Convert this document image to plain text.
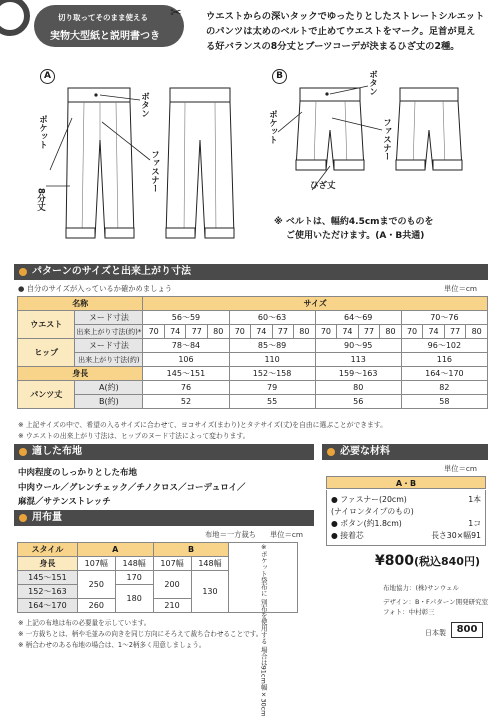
切り取ってそのまま使える
実物大型紙と説明書つき
✂	ウエストからの深いタックでゆったりとしたストレートシルエット
のパンツは太めのベルトで止めてウエストをマーク。足首が見え
る好バランスの8分丈とブーツコーデが決まるひざ丈の2種。
A	B
ボタン
ポケット
ファスナー
8分丈
ボタン
ポケット	ファスナー
ひざ丈
※ ベルトは、幅約4.5cmまでのものを
ご使用いただけます。(A・B共通)
パターンのサイズと出来上がり寸法
● 自分のサイズが入っているか確かめましょう	単位＝cm
名称		サイズ															
ウエスト	ヌード寸法	56〜59				60〜63				64〜69				70〜76			
	出来上がり寸法(約)*	70	74	77	80	70	74	77	80	70	74	77	80	70	74	77	80
ヒップ	ヌード寸法	78〜84				85〜89				90〜95				96〜102			
	出来上がり寸法(約)	106				110				113				116			
身長		145〜151				152〜158				159〜163				164〜170			
パンツ丈	A(約)	76				79				80				82			
	B(約)	52				55				56				58			
※ 上記サイズの中で、希望の入るサイズに合わせて、ヨコサイズ(まわり)とタテサイズ(丈)を自由に選ぶことができます。
※ ウエストの出来上がり寸法は、ヒップのヌード寸法によって変わります。
適した布地
中肉程度のしっかりとした布地
中肉ウール／グレンチェック／チノクロス／コーデュロイ／
麻混／サテンストレッチ
用布量
布地＝一方裁ち 単位＝cm
スタイル	A		B		※ポケット袋布に 別布を使用する 場合は91cm幅×30cm
身長	107幅	148幅	107幅	148幅	
145〜151	250	170	200	130	
152〜163		180			
164〜170	260		210		
※ 上記の布地は布の必要量を示しています。
※ 一方裁ちとは、柄や毛並みの向きを同じ方向にそろえて裁ち合わせることです。
※ 柄合わせのある布地の場合は、1〜2柄多く用意しましょう。
必要な材料
単位＝cm
A・B
● ファスナー(20cm)	1本
(ナイロンタイプのもの)
● ボタン(約1.8cm)	1コ
● 接着芯	長さ30×幅91
¥800(税込840円)
布地協力：(株)サンウェル
デザイン：B・Fパターン開発研究室
フォト：中村彰三
日本製	800
